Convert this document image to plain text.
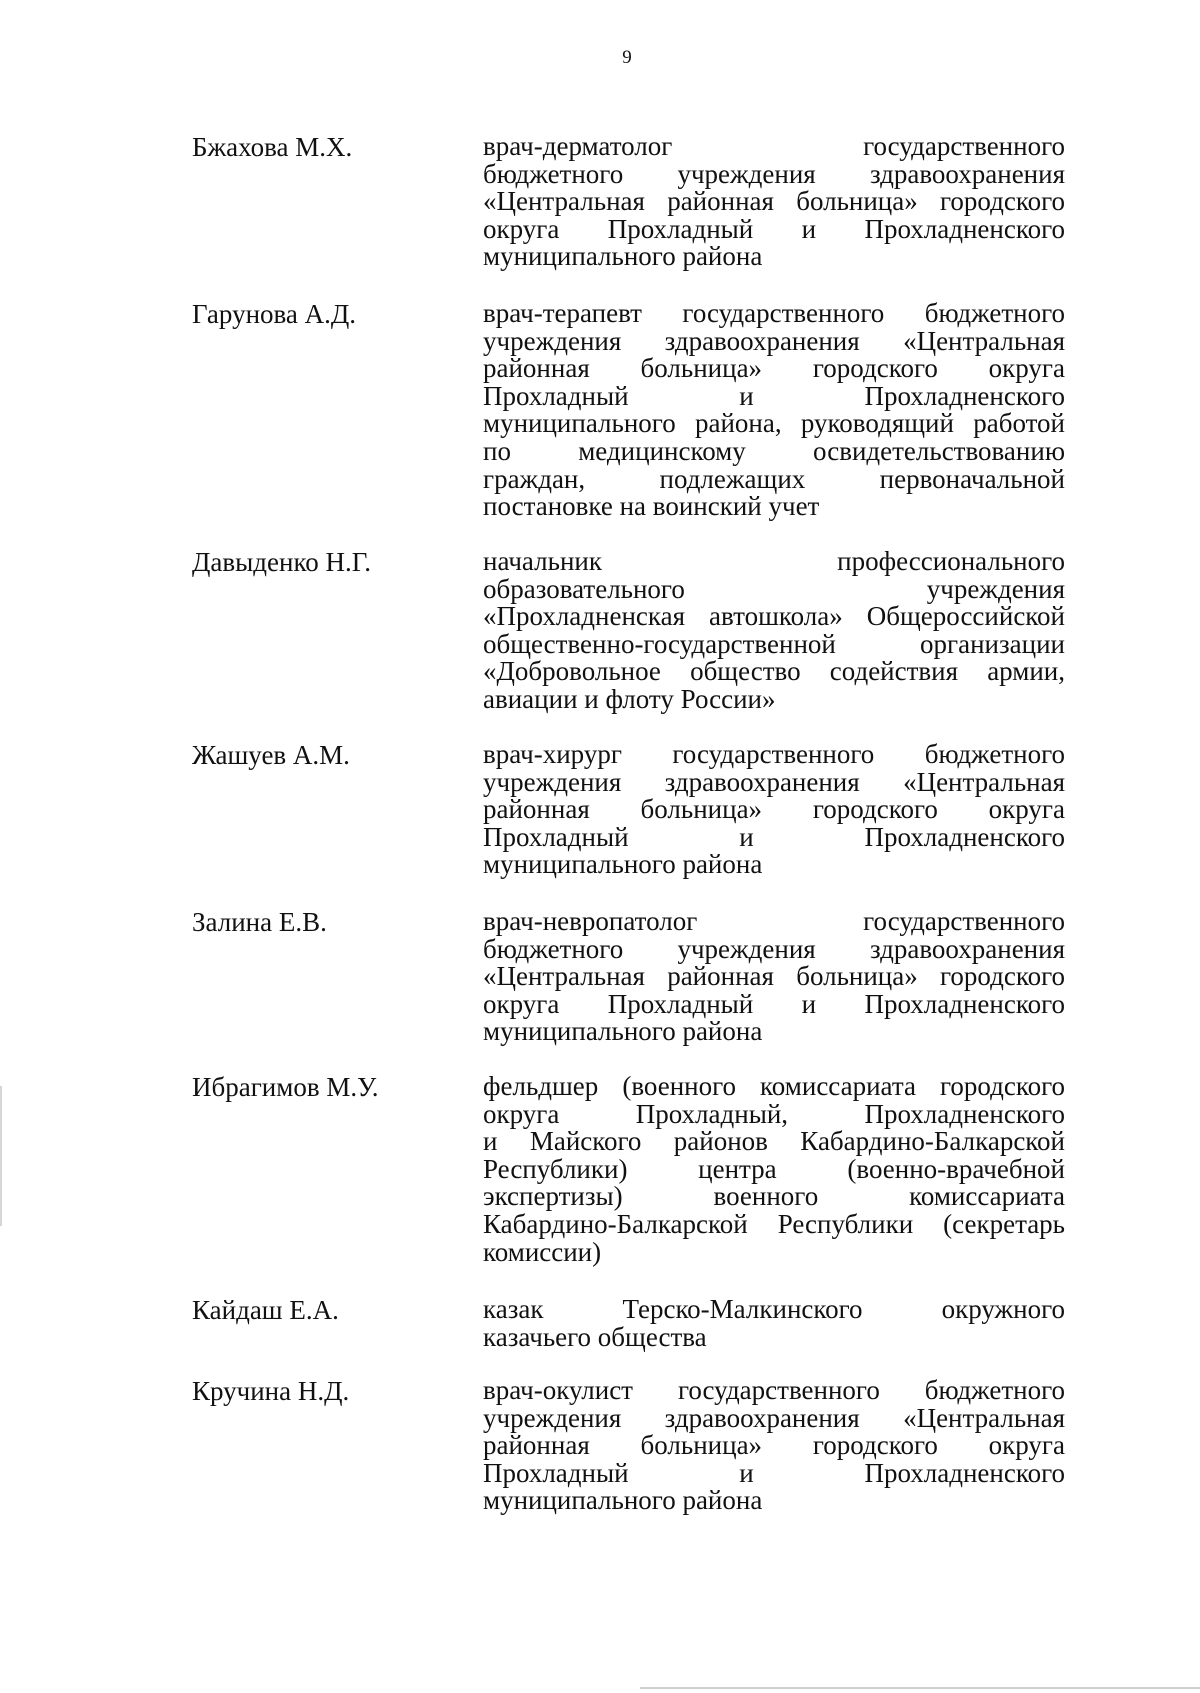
9
Бжахова М.Х.	врач-дерматолог государственного
бюджетного учреждения здравоохранения
«Центральная районная больница» городского
округа Прохладный и Прохладненского
муниципального района
Гарунова А.Д.	врач-терапевт государственного бюджетного
учреждения здравоохранения «Центральная
районная больница» городского округа
Прохладный и Прохладненского
муниципального района, руководящий работой
по медицинскому освидетельствованию
граждан, подлежащих первоначальной
постановке на воинский учет
Давыденко Н.Г.	начальник профессионального
образовательного учреждения
«Прохладненская автошкола» Общероссийской
общественно-государственной организации
«Добровольное общество содействия армии,
авиации и флоту России»
Жашуев А.М.	врач-хирург государственного бюджетного
учреждения здравоохранения «Центральная
районная больница» городского округа
Прохладный и Прохладненского
муниципального района
Залина Е.В.	врач-невропатолог государственного
бюджетного учреждения здравоохранения
«Центральная районная больница» городского
округа Прохладный и Прохладненского
муниципального района
Ибрагимов М.У.	фельдшер (военного комиссариата городского
округа Прохладный, Прохладненского
и Майского районов Кабардино-Балкарской
Республики) центра (военно-врачебной
экспертизы) военного комиссариата
Кабардино-Балкарской Республики (секретарь
комиссии)
Кайдаш Е.А.	казак Терско-Малкинского окружного
казачьего общества
Кручина Н.Д.	врач-окулист государственного бюджетного
учреждения здравоохранения «Центральная
районная больница» городского округа
Прохладный и Прохладненского
муниципального района
